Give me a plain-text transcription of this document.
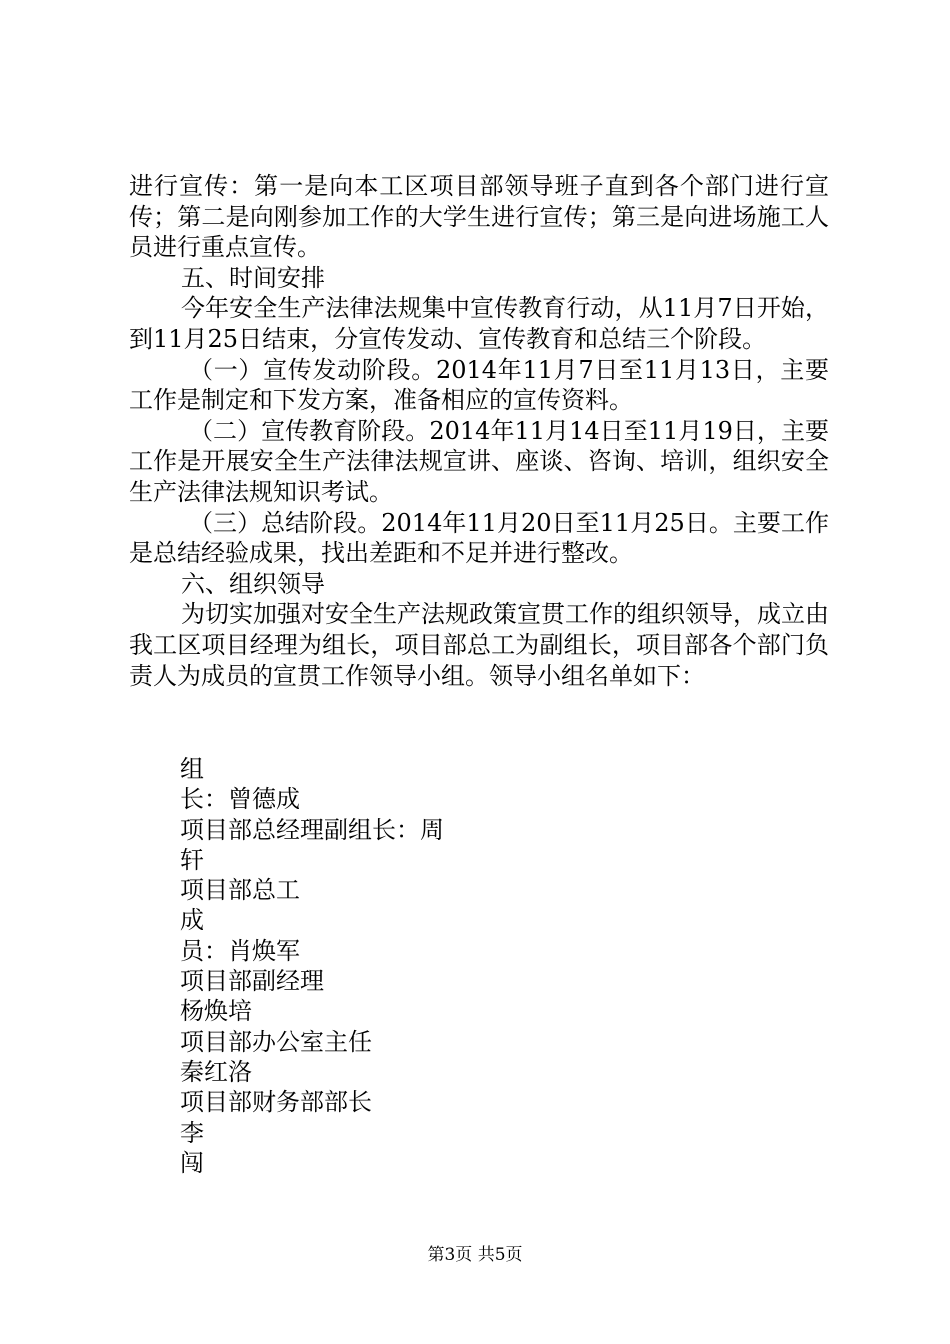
进行宣传：第一是向本工区项目部领导班子直到各个部门进行宣传；第二是向刚参加工作的大学生进行宣传；第三是向进场施工人员进行重点宣传。

五、时间安排

今年安全生产法律法规集中宣传教育行动，从11月7日开始，到11月25日结束，分宣传发动、宣传教育和总结三个阶段。

（一）宣传发动阶段。2014年11月7日至11月13日，主要工作是制定和下发方案，准备相应的宣传资料。

（二）宣传教育阶段。2014年11月14日至11月19日，主要工作是开展安全生产法律法规宣讲、座谈、咨询、培训，组织安全生产法律法规知识考试。

（三）总结阶段。2014年11月20日至11月25日。主要工作是总结经验成果，找出差距和不足并进行整改。

六、组织领导

为切实加强对安全生产法规政策宣贯工作的组织领导，成立由我工区项目经理为组长，项目部总工为副组长，项目部各个部门负责人为成员的宣贯工作领导小组。领导小组名单如下：

组

长：曾德成

项目部总经理副组长：周

轩

项目部总工

成

员：肖焕军

项目部副经理

杨焕培

项目部办公室主任

秦红洛

项目部财务部部长

李

闯

第3页 共5页
